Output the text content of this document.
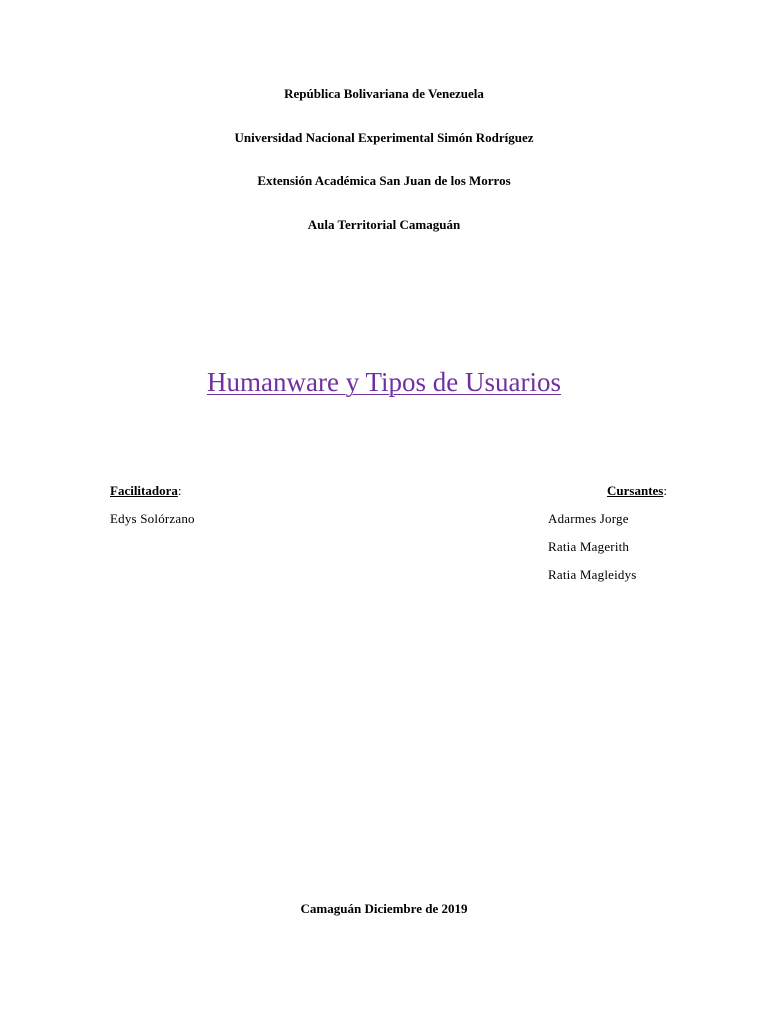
República Bolivariana de Venezuela
Universidad Nacional Experimental Simón Rodríguez
Extensión Académica San Juan de los Morros
Aula Territorial Camaguán
Humanware y Tipos de Usuarios
Facilitadora:
Edys Solórzano
Cursantes:
Adarmes Jorge
Ratia Magerith
Ratia Magleidys
Camaguán Diciembre de 2019
